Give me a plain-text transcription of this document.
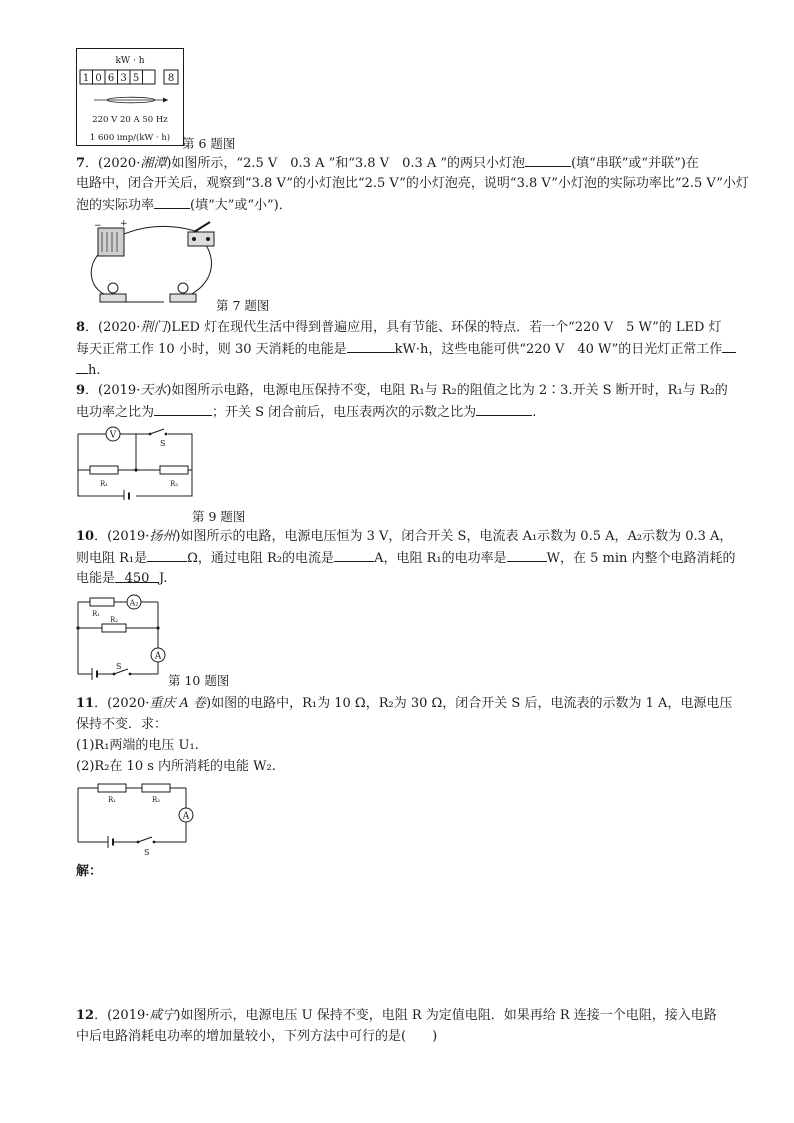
kW · h
1 0 6 3 5	8
220 V 20 A 50 Hz
1 600 imp/(kW · h) 第 6 题图
7．(2020·湘潭)如图所示，“2.5 V　0.3 A ”和“3.8 V　0.3 A ”的两只小灯泡	(填“串联”或“并联”)在
电路中，闭合开关后，观察到“3.8 V”的小灯泡比“2.5 V”的小灯泡亮，说明“3.8 V”小灯泡的实际功率比“2.5 V”小灯
泡的实际功率	(填“大”或“小”)．
− +
第 7 题图
8．(2020·荆门)LED 灯在现代生活中得到普遍应用，具有节能、环保的特点．若一个“220 V　5 W”的 LED 灯
每天正常工作 10 小时，则 30 天消耗的电能是	kW·h，这些电能可供“220 V　40 W”的日光灯正常工作
h.
9．(2019·天水)如图所示电路，电源电压保持不变，电阻 R₁与 R₂的阻值之比为 2∶3.开关 S 断开时，R₁与 R₂的
电功率之比为	；开关 S 闭合前后，电压表两次的示数之比为	.
V
S
R₁	R₂
第 9 题图
10．(2019·扬州)如图所示的电路，电源电压恒为 3 V，闭合开关 S，电流表 A₁示数为 0.5 A，A₂示数为 0.3 A，
则电阻 R₁是	Ω，通过电阻 R₂的电流是	A，电阻 R₁的电功率是	W，在 5 min 内整个电路消耗的
电能是 450 J.
A₂
A
S
R₁
R₂
第 10 题图
11．(2020·重庆 A 卷)如图的电路中，R₁为 10 Ω，R₂为 30 Ω，闭合开关 S 后，电流表的示数为 1 A，电源电压
保持不变．求：
(1)R₁两端的电压 U₁.
(2)R₂在 10 s 内所消耗的电能 W₂.
A
S
R₁	R₂
解：
12．(2019·咸宁)如图所示，电源电压 U 保持不变，电阻 R 为定值电阻．如果再给 R 连接一个电阻，接入电路
中后电路消耗电功率的增加量较小，下列方法中可行的是(　　)
